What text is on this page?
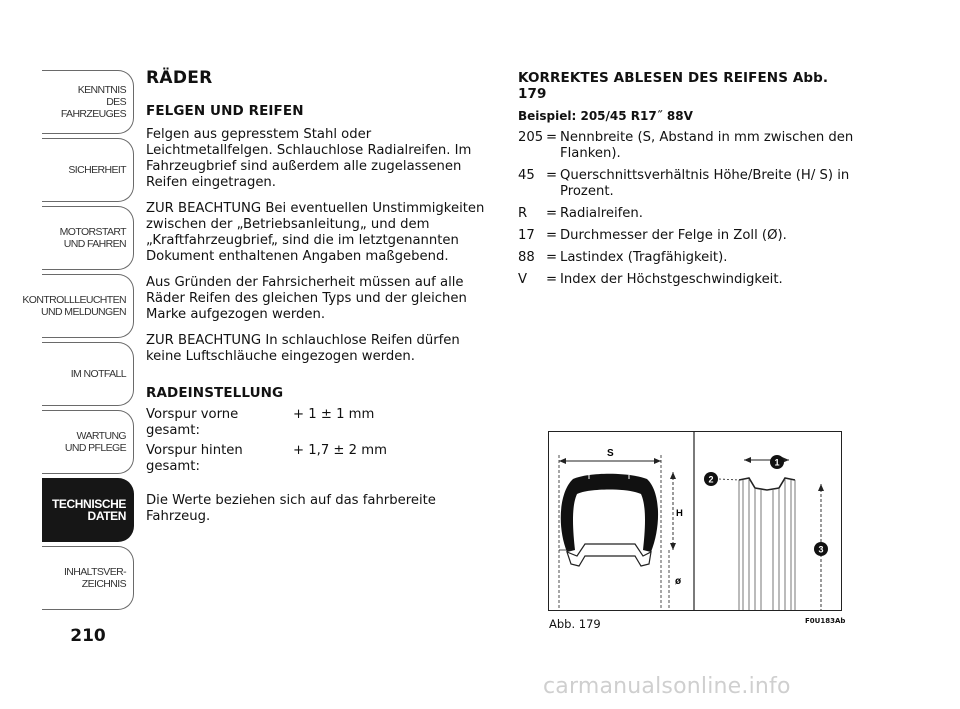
KENNTNIS
DES FAHRZEUGES
SICHERHEIT
MOTORSTART
UND FAHREN
KONTROLLLEUCHTEN
UND MELDUNGEN
IM NOTFALL
WARTUNG
UND PFLEGE
TECHNISCHE
DATEN
INHALTSVER-
ZEICHNIS
210
RÄDER
FELGEN UND REIFEN

Felgen aus gepresstem Stahl oder Leichtmetallfelgen. Schlauchlose Radialreifen. Im Fahrzeugbrief sind außerdem alle zugelassenen Reifen eingetragen.

ZUR BEACHTUNG Bei eventuellen Unstimmigkeiten zwischen der „Betriebsanleitung„ und dem „Kraftfahrzeugbrief„ sind die im letztgenannten Dokument enthaltenen Angaben maßgebend.

Aus Gründen der Fahrsicherheit müssen auf alle Räder Reifen des gleichen Typs und der gleichen Marke aufgezogen werden.

ZUR BEACHTUNG In schlauchlose Reifen dürfen keine Luftschläuche eingezogen werden.

RADEINSTELLUNG
Vorspur vorne gesamt:
+ 1 ± 1 mm
Vorspur hinten gesamt:
+ 1,7 ± 2 mm

Die Werte beziehen sich auf das fahrbereite Fahrzeug.

KORREKTES ABLESEN DES REIFENS Abb. 179
Beispiel: 205/45 R17˝ 88V
205 = Nennbreite (S, Abstand in mm zwischen den Flanken).
45 = Querschnittsverhältnis Höhe/Breite (H/ S) in Prozent.
R	= Radialreifen.
17 = Durchmesser der Felge in Zoll (Ø).
88 = Lastindex (Tragfähigkeit).
V	= Index der Höchstgeschwindigkeit.
S
H
ø
2
1
3
Abb. 179	F0U183Ab
carmanualsonline.info
